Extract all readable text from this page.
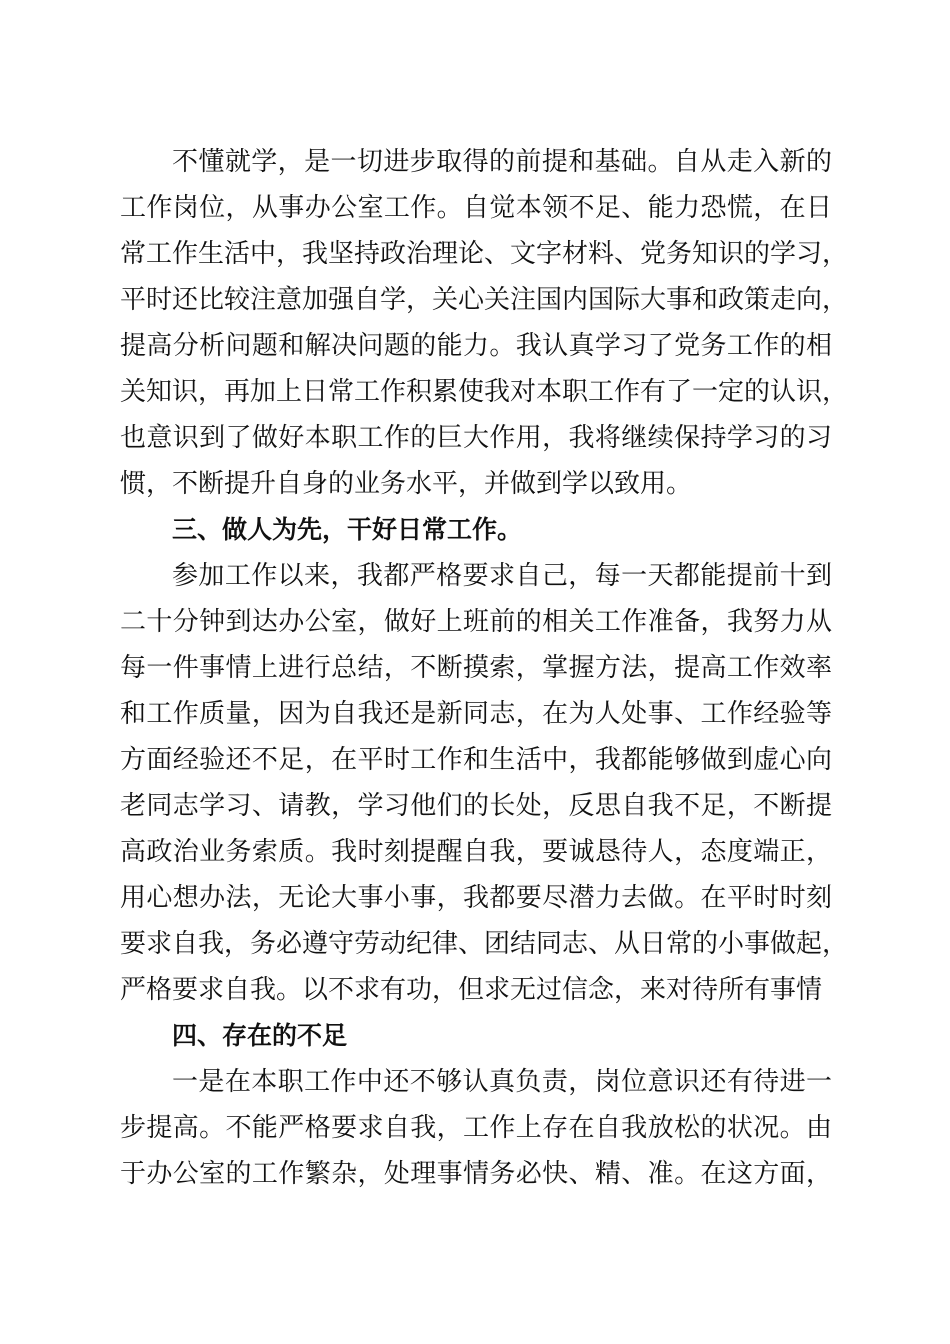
不懂就学，是一切进步取得的前提和基础。自从走入新的
工作岗位，从事办公室工作。自觉本领不足、能力恐慌，在日
常工作生活中，我坚持政治理论、文字材料、党务知识的学习，
平时还比较注意加强自学，关心关注国内国际大事和政策走向，
提高分析问题和解决问题的能力。我认真学习了党务工作的相
关知识，再加上日常工作积累使我对本职工作有了一定的认识，
也意识到了做好本职工作的巨大作用，我将继续保持学习的习
惯，不断提升自身的业务水平，并做到学以致用。
三、做人为先，干好日常工作。
参加工作以来，我都严格要求自己，每一天都能提前十到
二十分钟到达办公室，做好上班前的相关工作准备，我努力从
每一件事情上进行总结，不断摸索，掌握方法，提高工作效率
和工作质量，因为自我还是新同志，在为人处事、工作经验等
方面经验还不足，在平时工作和生活中，我都能够做到虚心向
老同志学习、请教，学习他们的长处，反思自我不足，不断提
高政治业务索质。我时刻提醒自我，要诚恳待人，态度端正，
用心想办法，无论大事小事，我都要尽潜力去做。在平时时刻
要求自我，务必遵守劳动纪律、团结同志、从日常的小事做起，
严格要求自我。以不求有功，但求无过信念，来对待所有事情
四、存在的不足
一是在本职工作中还不够认真负责，岗位意识还有待进一
步提高。不能严格要求自我，工作上存在自我放松的状况。由
于办公室的工作繁杂，处理事情务必快、精、准。在这方面，
